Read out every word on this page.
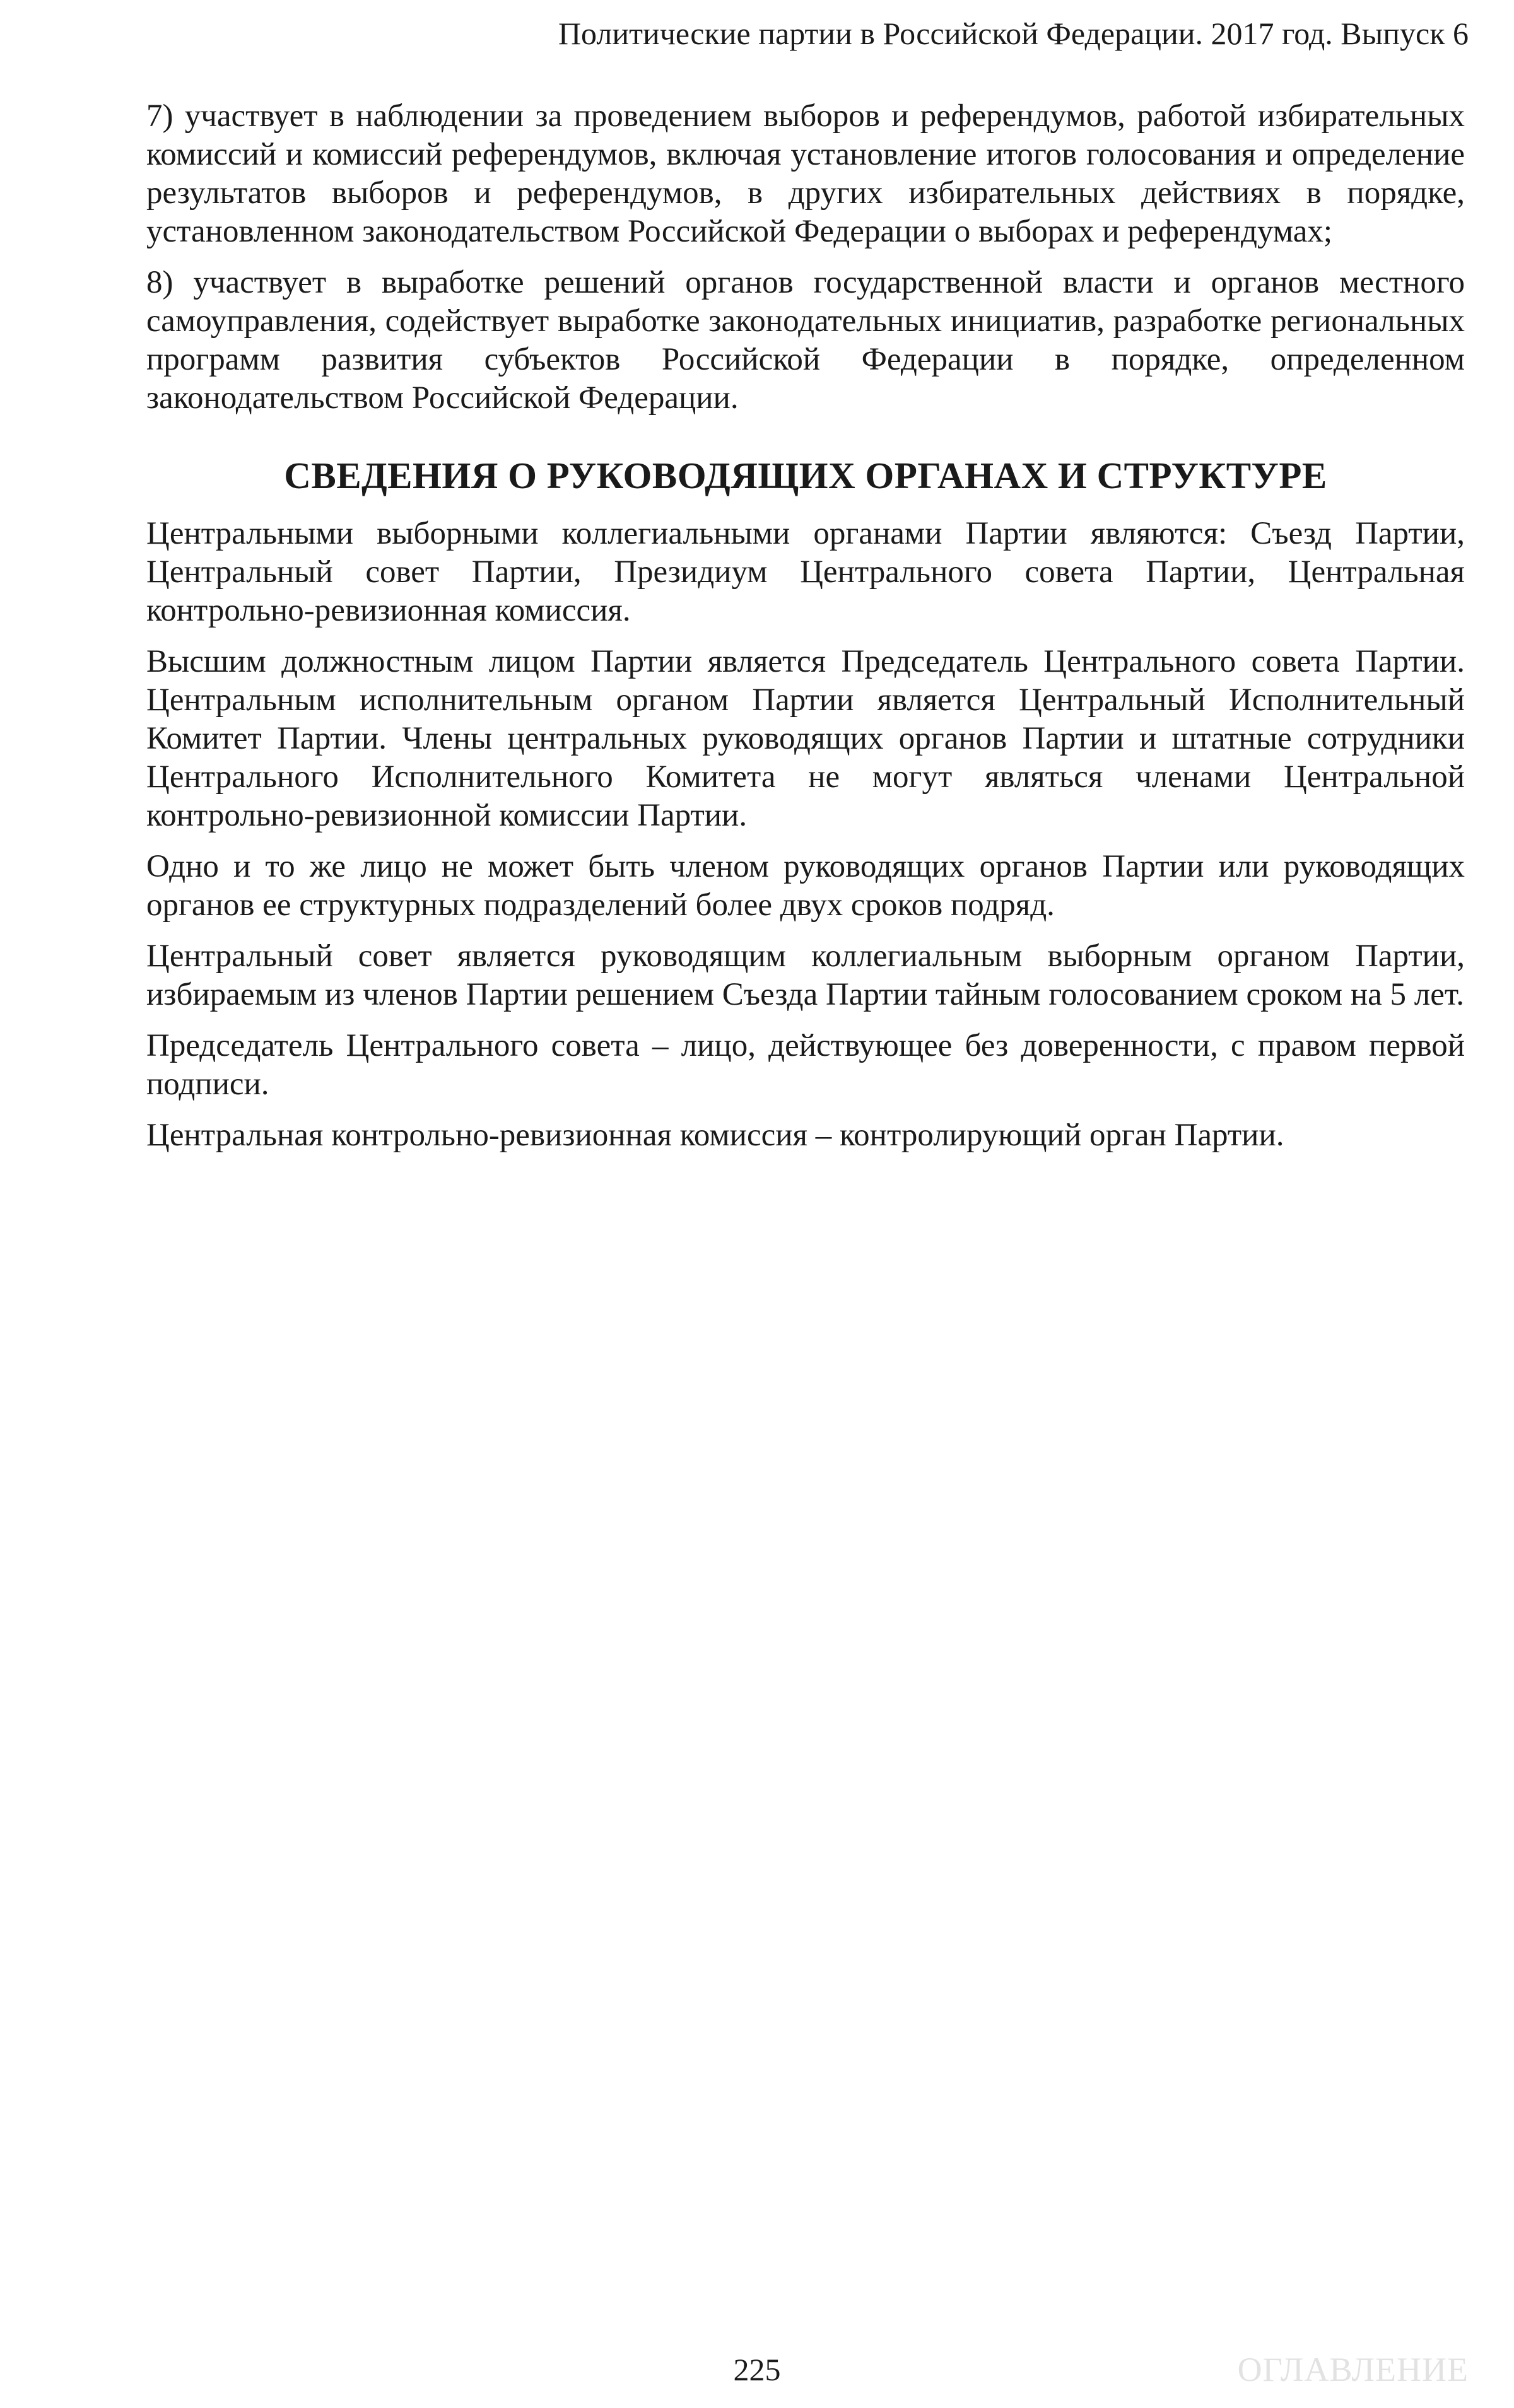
Политические партии в Российской Федерации. 2017 год. Выпуск 6

7) участвует в наблюдении за проведением выборов и референдумов, работой избирательных комиссий и комиссий референдумов, включая установление итогов голосования и определение результатов выборов и референдумов, в других избирательных действиях в порядке, установленном законодательством Российской Федерации о выборах и референдумах;

8) участвует в выработке решений органов государственной власти и органов местного самоуправления, содействует выработке законодательных инициатив, разработке региональных программ развития субъектов Российской Федерации в порядке, определенном законодательством Российской Федерации.

СВЕДЕНИЯ О РУКОВОДЯЩИХ ОРГАНАХ И СТРУКТУРЕ

Центральными выборными коллегиальными органами Партии являются: Съезд Партии, Центральный совет Партии, Президиум Центрального совета Партии, Центральная контрольно-ревизионная комиссия.

Высшим должностным лицом Партии является Председатель Центрального совета Партии. Центральным исполнительным органом Партии является Центральный Исполнительный Комитет Партии. Члены центральных руководящих органов Партии и штатные сотрудники Центрального Исполнительного Комитета не могут являться членами Центральной контрольно-ревизионной комиссии Партии.

Одно и то же лицо не может быть членом руководящих органов Партии или руководящих органов ее структурных подразделений более двух сроков подряд.

Центральный совет является руководящим коллегиальным выборным органом Партии, избираемым из членов Партии решением Съезда Партии тайным голосованием сроком на 5 лет.

Председатель Центрального совета – лицо, действующее без доверенности, с правом первой подписи.

Центральная контрольно-ревизионная комиссия – контролирующий орган Партии.

225	ОГЛАВЛЕНИЕ
